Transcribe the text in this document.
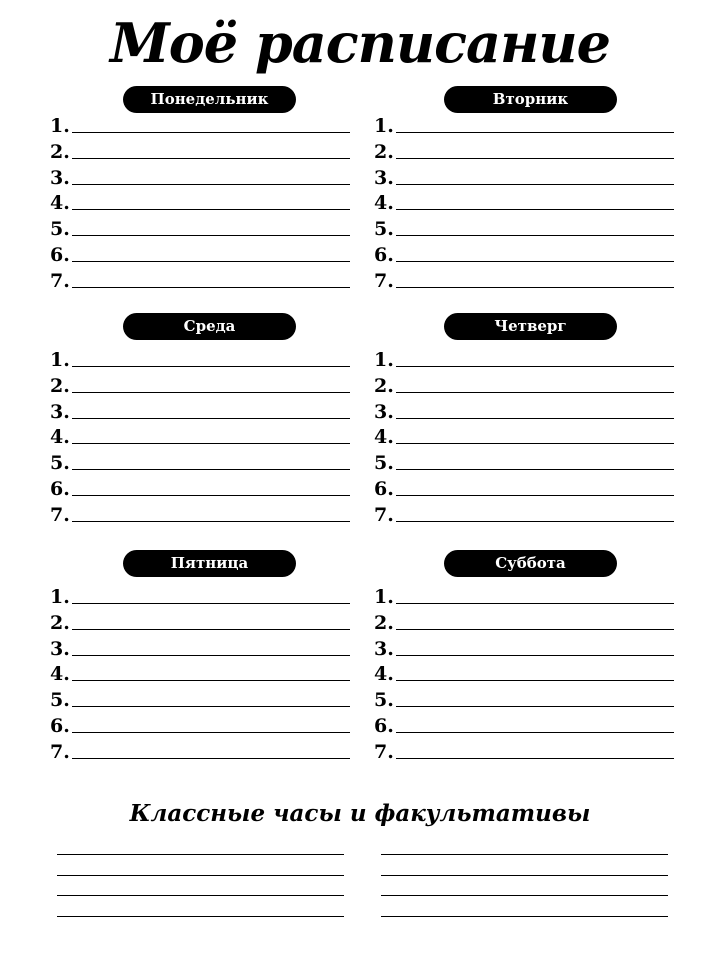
Моё расписание
Понедельник
1.
2.
3.
4.
5.
6.
7.
Вторник
1.
2.
3.
4.
5.
6.
7.
Среда
1.
2.
3.
4.
5.
6.
7.
Четверг
1.
2.
3.
4.
5.
6.
7.
Пятница
1.
2.
3.
4.
5.
6.
7.
Суббота
1.
2.
3.
4.
5.
6.
7.
Классные часы и факультативы
